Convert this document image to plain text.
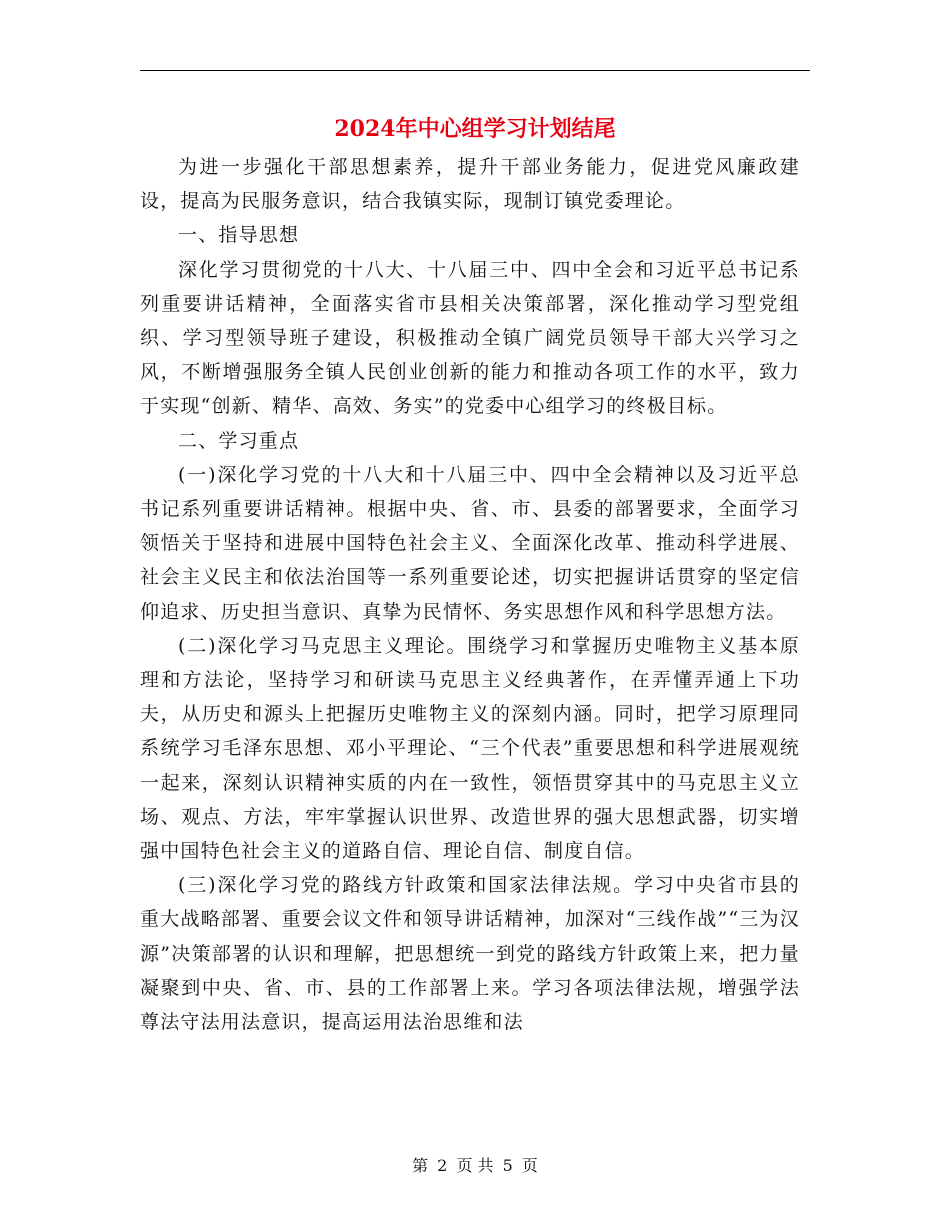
2024年中心组学习计划结尾

为进一步强化干部思想素养，提升干部业务能力，促进党风廉政建设，提高为民服务意识，结合我镇实际，现制订镇党委理论。

一、指导思想

深化学习贯彻党的十八大、十八届三中、四中全会和习近平总书记系列重要讲话精神，全面落实省市县相关决策部署，深化推动学习型党组织、学习型领导班子建设，积极推动全镇广阔党员领导干部大兴学习之风，不断增强服务全镇人民创业创新的能力和推动各项工作的水平，致力于实现“创新、精华、高效、务实”的党委中心组学习的终极目标。

二、学习重点

(一)深化学习党的十八大和十八届三中、四中全会精神以及习近平总书记系列重要讲话精神。根据中央、省、市、县委的部署要求，全面学习领悟关于坚持和进展中国特色社会主义、全面深化改革、推动科学进展、社会主义民主和依法治国等一系列重要论述，切实把握讲话贯穿的坚定信仰追求、历史担当意识、真挚为民情怀、务实思想作风和科学思想方法。

(二)深化学习马克思主义理论。围绕学习和掌握历史唯物主义基本原理和方法论，坚持学习和研读马克思主义经典著作，在弄懂弄通上下功夫，从历史和源头上把握历史唯物主义的深刻内涵。同时，把学习原理同系统学习毛泽东思想、邓小平理论、“三个代表”重要思想和科学进展观统一起来，深刻认识精神实质的内在一致性，领悟贯穿其中的马克思主义立场、观点、方法，牢牢掌握认识世界、改造世界的强大思想武器，切实增强中国特色社会主义的道路自信、理论自信、制度自信。

(三)深化学习党的路线方针政策和国家法律法规。学习中央省市县的重大战略部署、重要会议文件和领导讲话精神，加深对“三线作战”“三为汉源”决策部署的认识和理解，把思想统一到党的路线方针政策上来，把力量凝聚到中央、省、市、县的工作部署上来。学习各项法律法规，增强学法尊法守法用法意识，提高运用法治思维和法

第 2 页 共 5 页
